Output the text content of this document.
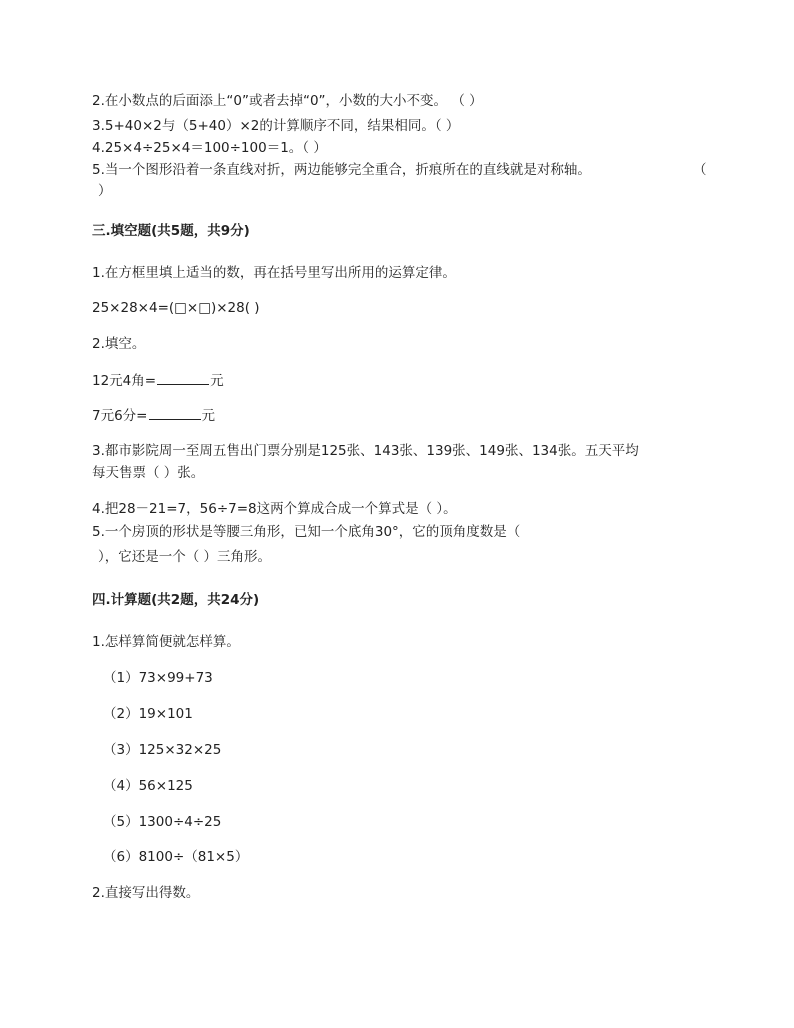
2.在小数点的后面添上“0”或者去掉“0”，小数的大小不变。 （ ）
3.5+40×2与（5+40）×2的计算顺序不同，结果相同。（ ）
4.25×4÷25×4＝100÷100＝1。（ ）
5.当一个图形沿着一条直线对折，两边能够完全重合，折痕所在的直线就是对称轴。	（
）
三.填空题(共5题，共9分)
1.在方框里填上适当的数，再在括号里写出所用的运算定律。
25×28×4=(□×□)×28( )
2.填空。
12元4角=	元
7元6分=	元
3.都市影院周一至周五售出门票分别是125张、143张、139张、149张、134张。五天平均
每天售票（ ）张。
4.把28－21=7，56÷7=8这两个算成合成一个算式是（ ）。
5.一个房顶的形状是等腰三角形，已知一个底角30°，它的顶角度数是（
），它还是一个（ ）三角形。
四.计算题(共2题，共24分)
1.怎样算简便就怎样算。
（1）73×99+73
（2）19×101
（3）125×32×25
（4）56×125
（5）1300÷4÷25
（6）8100÷（81×5）
2.直接写出得数。
